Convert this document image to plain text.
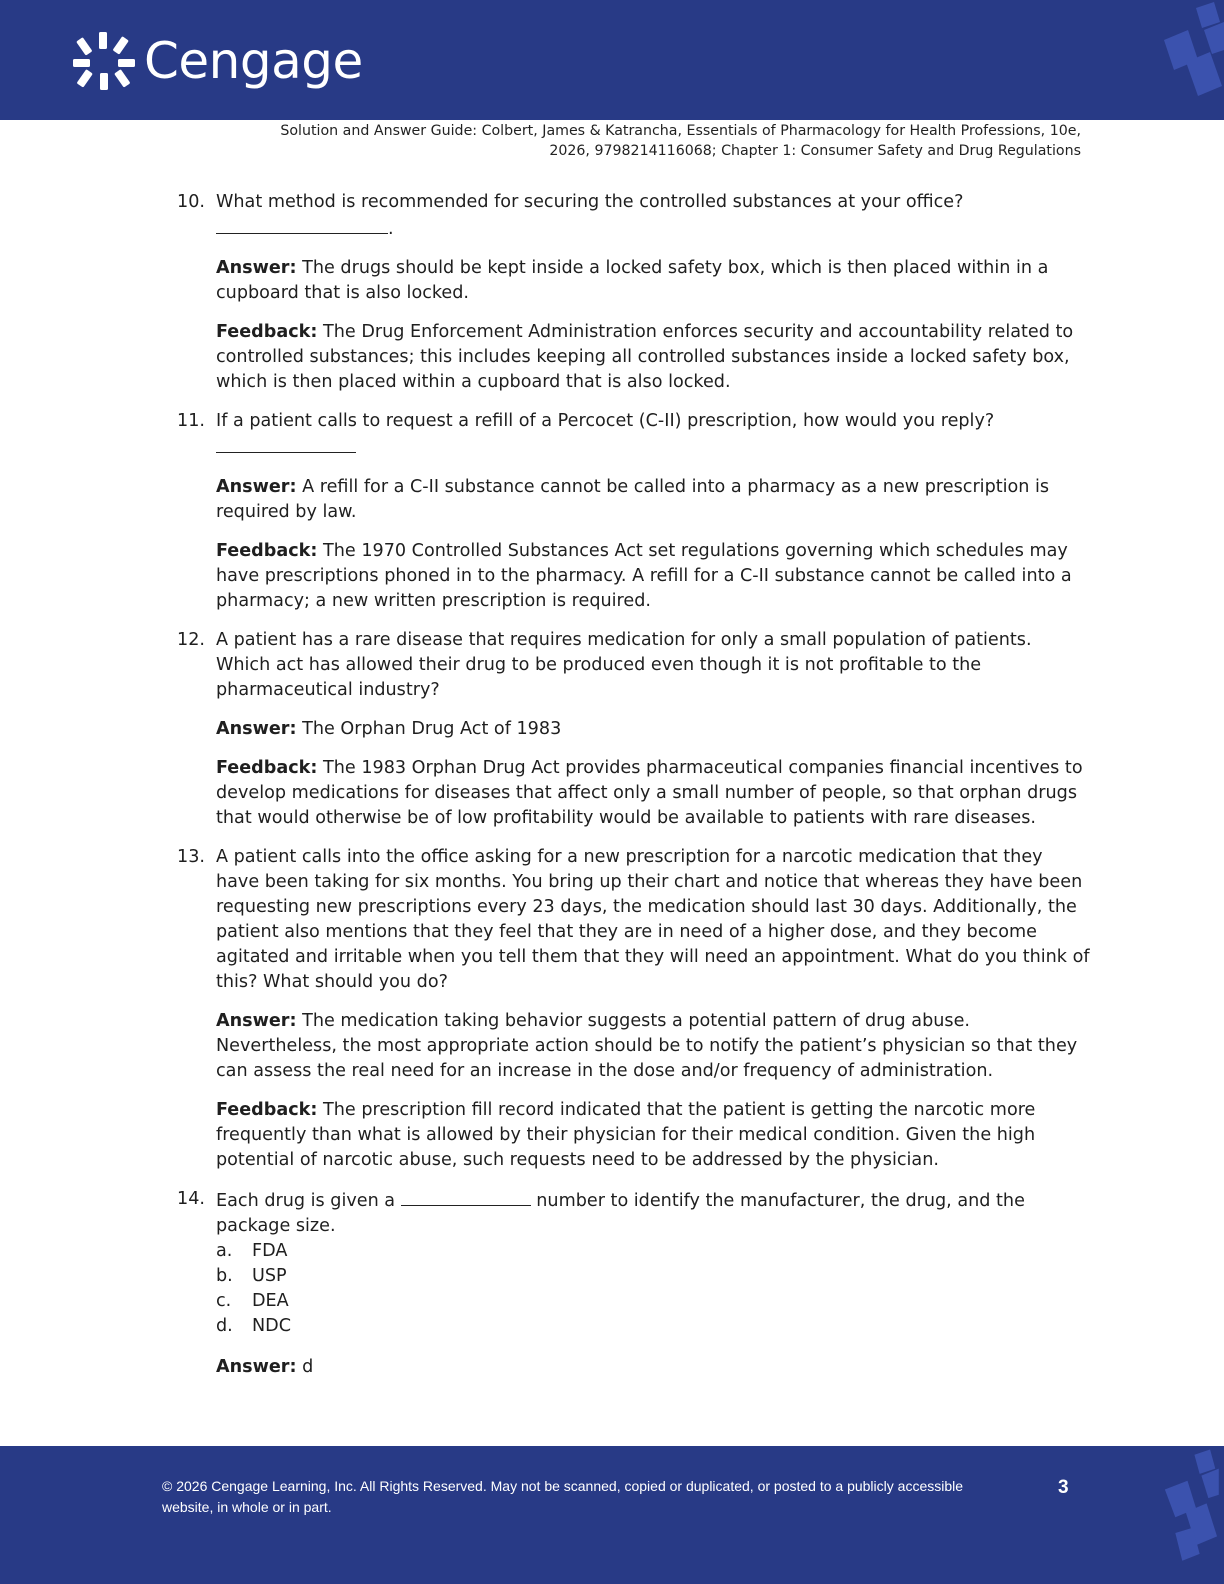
Cengage
Solution and Answer Guide: Colbert, James & Katrancha, Essentials of Pharmacology for Health Professions, 10e,
2026, 9798214116068; Chapter 1: Consumer Safety and Drug Regulations
10. What method is recommended for securing the controlled substances at your office?
.

Answer: The drugs should be kept inside a locked safety box, which is then placed within in a cupboard that is also locked.

Feedback: The Drug Enforcement Administration enforces security and accountability related to controlled substances; this includes keeping all controlled substances inside a locked safety box, which is then placed within a cupboard that is also locked.

11. If a patient calls to request a refill of a Percocet (C-II) prescription, how would you reply?

Answer: A refill for a C-II substance cannot be called into a pharmacy as a new prescription is required by law.

Feedback: The 1970 Controlled Substances Act set regulations governing which schedules may have prescriptions phoned in to the pharmacy. A refill for a C-II substance cannot be called into a pharmacy; a new written prescription is required.

12. A patient has a rare disease that requires medication for only a small population of patients. Which act has allowed their drug to be produced even though it is not profitable to the pharmaceutical industry?

Answer: The Orphan Drug Act of 1983

Feedback: The 1983 Orphan Drug Act provides pharmaceutical companies financial incentives to develop medications for diseases that affect only a small number of people, so that orphan drugs that would otherwise be of low profitability would be available to patients with rare diseases.

13. A patient calls into the office asking for a new prescription for a narcotic medication that they have been taking for six months. You bring up their chart and notice that whereas they have been requesting new prescriptions every 23 days, the medication should last 30 days. Additionally, the patient also mentions that they feel that they are in need of a higher dose, and they become agitated and irritable when you tell them that they will need an appointment. What do you think of this? What should you do?

Answer: The medication taking behavior suggests a potential pattern of drug abuse. Nevertheless, the most appropriate action should be to notify the patient’s physician so that they can assess the real need for an increase in the dose and/or frequency of administration.

Feedback: The prescription fill record indicated that the patient is getting the narcotic more frequently than what is allowed by their physician for their medical condition. Given the high potential of narcotic abuse, such requests need to be addressed by the physician.

14. Each drug is given a	number to identify the manufacturer, the drug, and the package size.

a.	FDA
b.	USP
c.	DEA
d.	NDC

Answer: d

© 2026 Cengage Learning, Inc. All Rights Reserved. May not be scanned, copied or duplicated, or posted to a publicly accessible website, in whole or in part.
3
